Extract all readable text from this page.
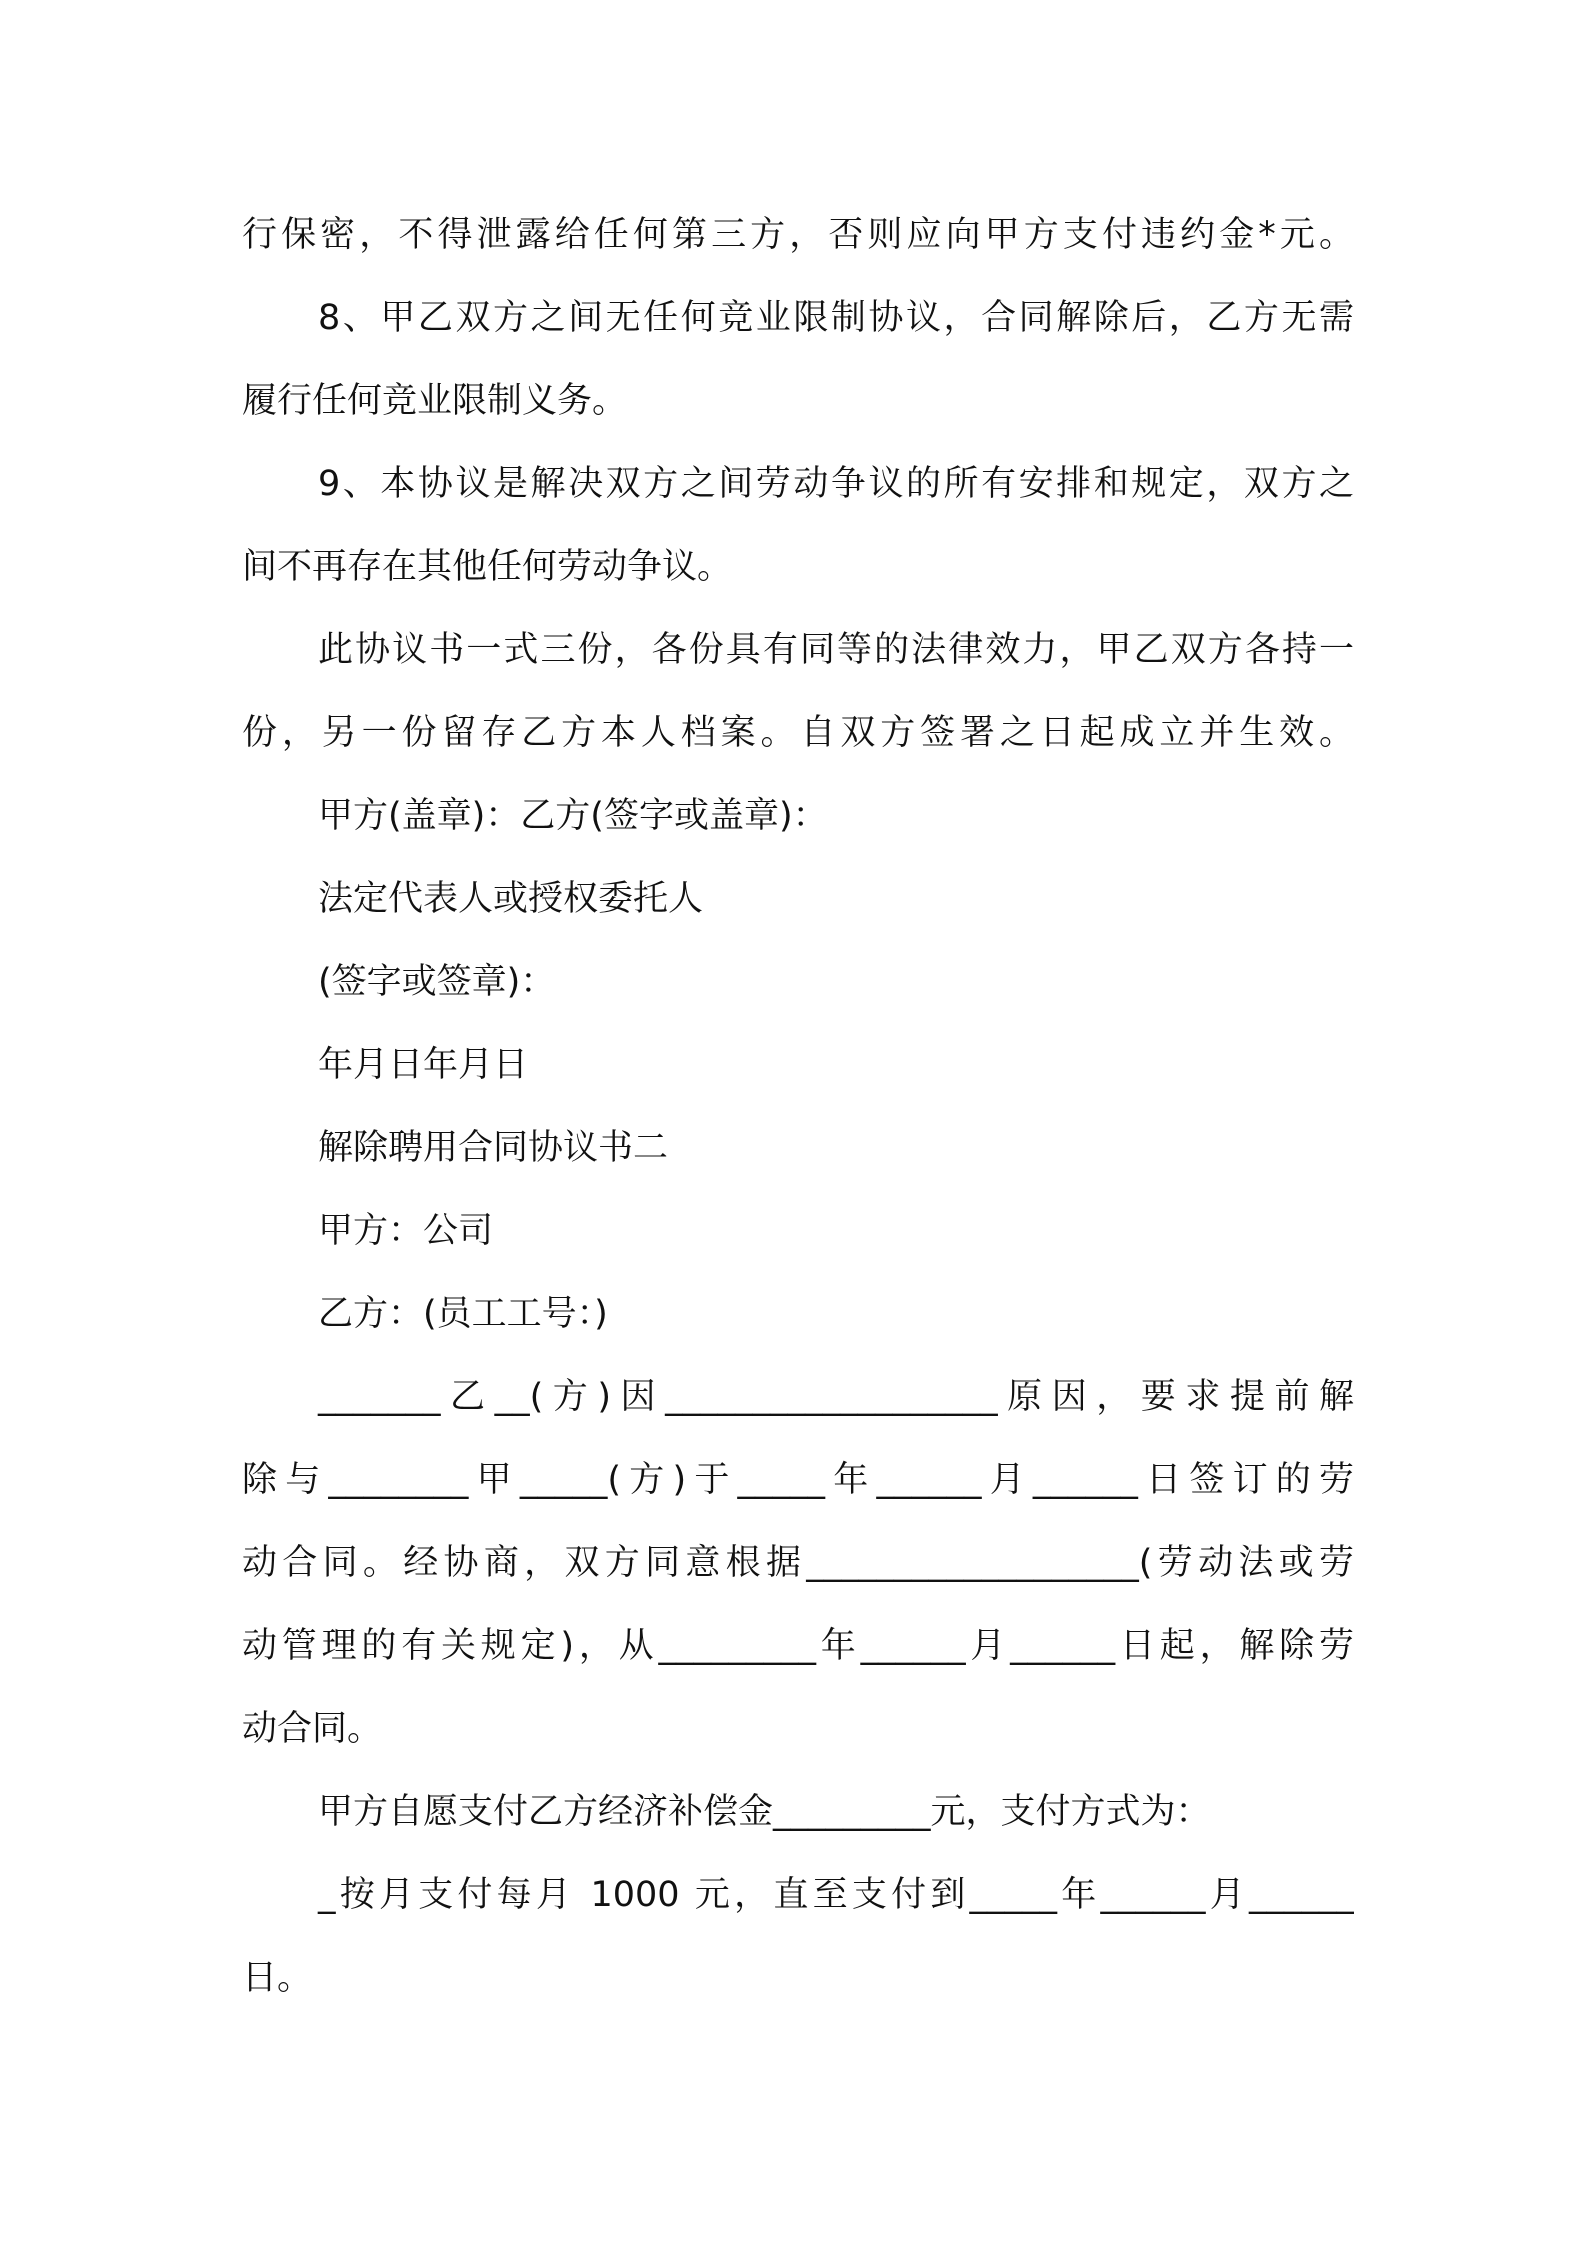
行保密，不得泄露给任何第三方，否则应向甲方支付违约金*元。
8、甲乙双方之间无任何竞业限制协议，合同解除后，乙方无需
履行任何竞业限制义务。
9、本协议是解决双方之间劳动争议的所有安排和规定，双方之
间不再存在其他任何劳动争议。
此协议书一式三份，各份具有同等的法律效力，甲乙双方各持一
份，另一份留存乙方本人档案。自双方签署之日起成立并生效。
甲方(盖章)：乙方(签字或盖章)：
法定代表人或授权委托人
(签字或签章)：
年月日年月日
解除聘用合同协议书二
甲方：公司
乙方：(员工工号：)
_______乙__(方)因___________________原因，要求提前解
除与________甲_____(方)于_____年______月______日签订的劳
动合同。经协商，双方同意根据___________________(劳动法或劳
动管理的有关规定)，从_________年______月______日起，解除劳
动合同。
甲方自愿支付乙方经济补偿金_________元，支付方式为：
_按月支付每月 1000 元，直至支付到_____年______月______
日。
